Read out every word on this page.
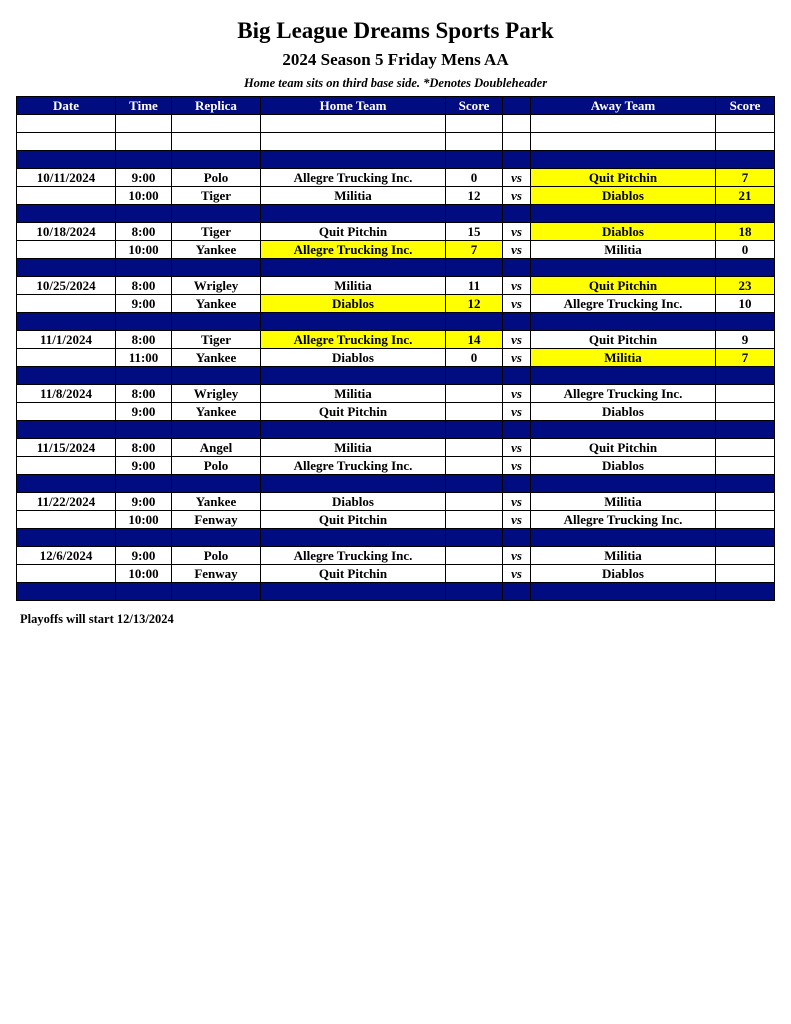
Big League Dreams Sports Park
2024 Season 5 Friday Mens AA
Home team sits on third base side. *Denotes Doubleheader
Date	Time	Replica	Home Team	Score		Away Team	Score

10/11/2024	9:00	Polo	Allegre Trucking Inc.	0	vs	Quit Pitchin	7
	10:00	Tiger	Militia	12	vs	Diablos	21

10/18/2024	8:00	Tiger	Quit Pitchin	15	vs	Diablos	18
	10:00	Yankee	Allegre Trucking Inc.	7	vs	Militia	0

10/25/2024	8:00	Wrigley	Militia	11	vs	Quit Pitchin	23
	9:00	Yankee	Diablos	12	vs	Allegre Trucking Inc.	10

11/1/2024	8:00	Tiger	Allegre Trucking Inc.	14	vs	Quit Pitchin	9
	11:00	Yankee	Diablos	0	vs	Militia	7

11/8/2024	8:00	Wrigley	Militia		vs	Allegre Trucking Inc.	
	9:00	Yankee	Quit Pitchin		vs	Diablos	

11/15/2024	8:00	Angel	Militia		vs	Quit Pitchin	
	9:00	Polo	Allegre Trucking Inc.		vs	Diablos	

11/22/2024	9:00	Yankee	Diablos		vs	Militia	
	10:00	Fenway	Quit Pitchin		vs	Allegre Trucking Inc.	

12/6/2024	9:00	Polo	Allegre Trucking Inc.		vs	Militia	
	10:00	Fenway	Quit Pitchin		vs	Diablos	

Playoffs will start 12/13/2024
